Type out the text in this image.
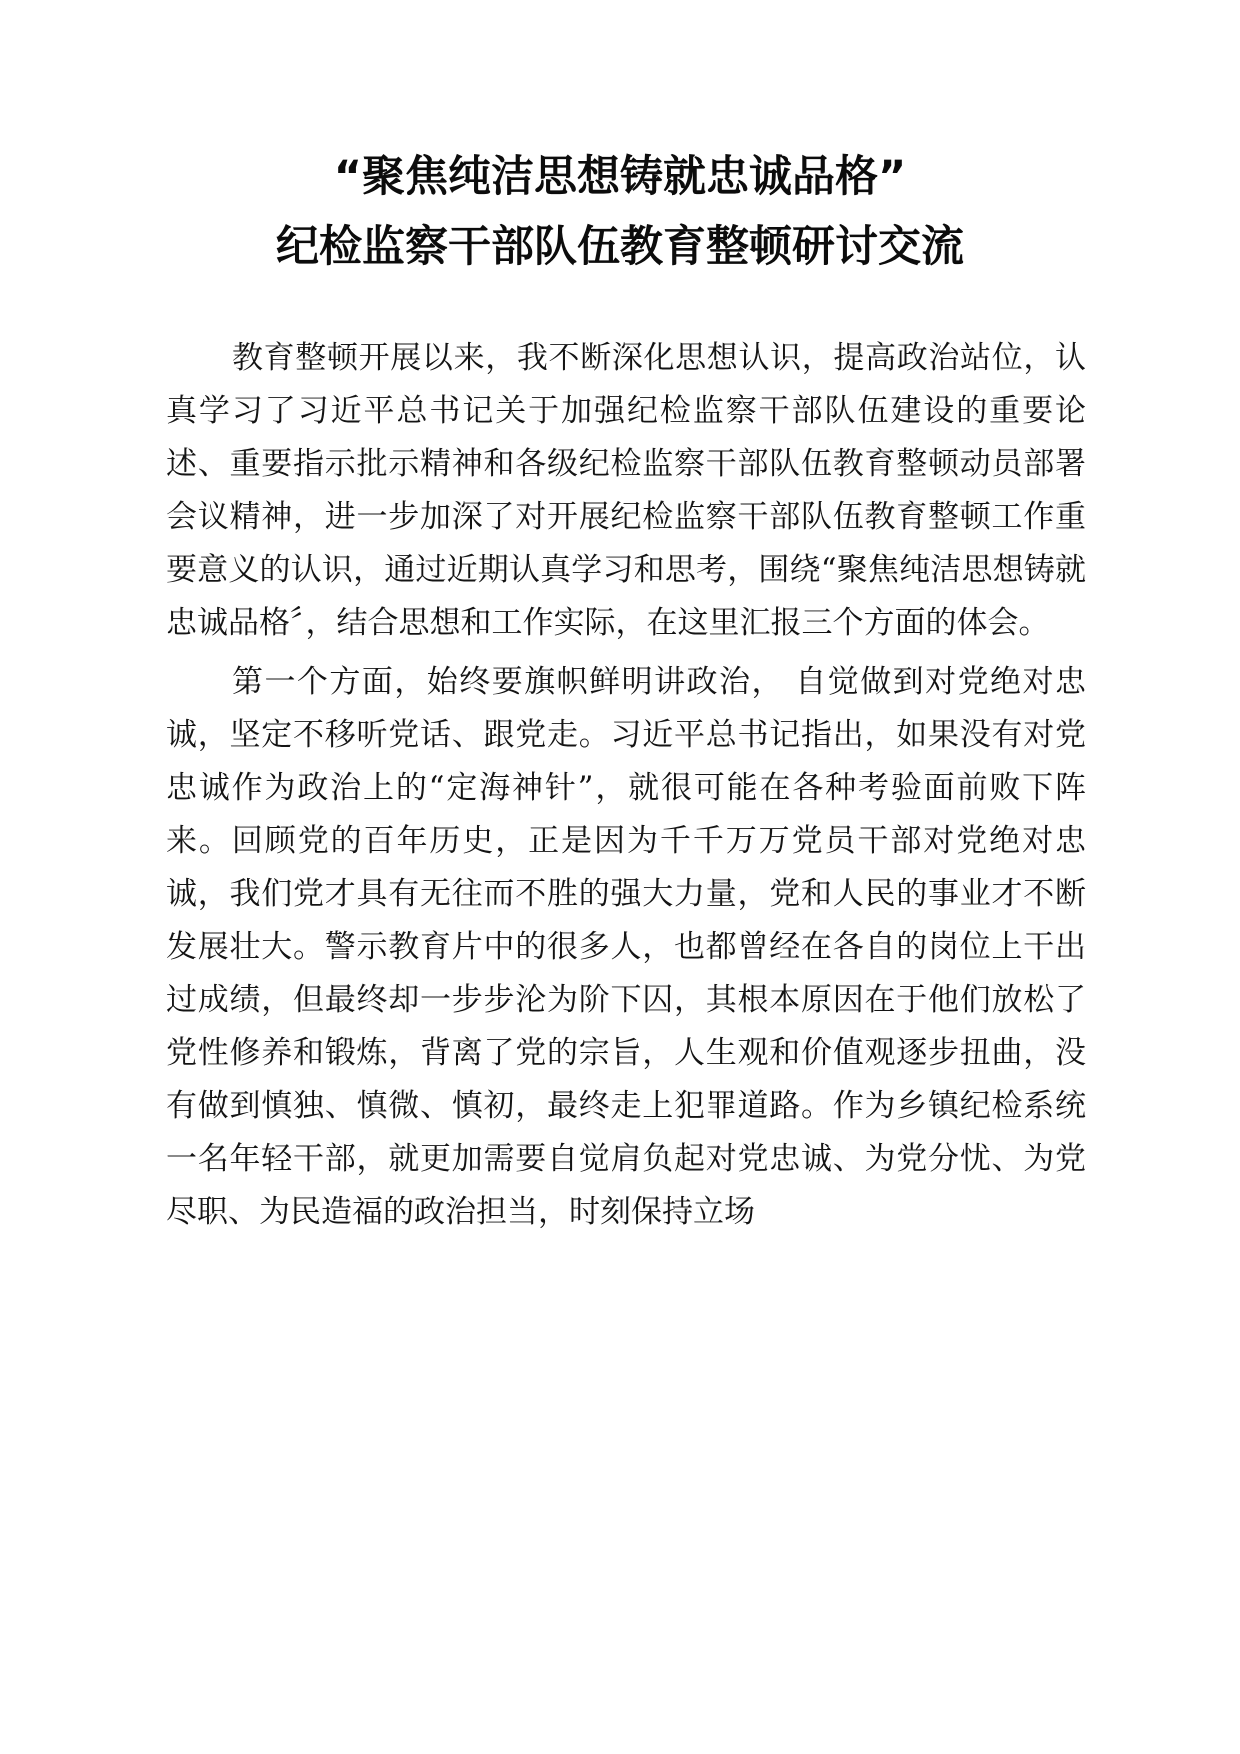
“聚焦纯洁思想铸就忠诚品格”
纪检监察干部队伍教育整顿研讨交流

教育整顿开展以来，我不断深化思想认识，提高政治站位，认真学习了习近平总书记关于加强纪检监察干部队伍建设的重要论述、重要指示批示精神和各级纪检监察干部队伍教育整顿动员部署会议精神，进一步加深了对开展纪检监察干部队伍教育整顿工作重要意义的认识，通过近期认真学习和思考，围绕“聚焦纯洁思想铸就忠诚品格〞，结合思想和工作实际，在这里汇报三个方面的体会。

第一个方面，始终要旗帜鲜明讲政治， 自觉做到对党绝对忠诚，坚定不移听党话、跟党走。习近平总书记指出，如果没有对党忠诚作为政治上的“定海神针”，就很可能在各种考验面前败下阵来。回顾党的百年历史，正是因为千千万万党员干部对党绝对忠诚，我们党才具有无往而不胜的强大力量，党和人民的事业才不断发展壮大。警示教育片中的很多人，也都曾经在各自的岗位上干出过成绩，但最终却一步步沦为阶下囚，其根本原因在于他们放松了党性修养和锻炼，背离了党的宗旨，人生观和价值观逐步扭曲，没有做到慎独、慎微、慎初，最终走上犯罪道路。作为乡镇纪检系统一名年轻干部，就更加需要自觉肩负起对党忠诚、为党分忧、为党尽职、为民造福的政治担当，时刻保持立场
